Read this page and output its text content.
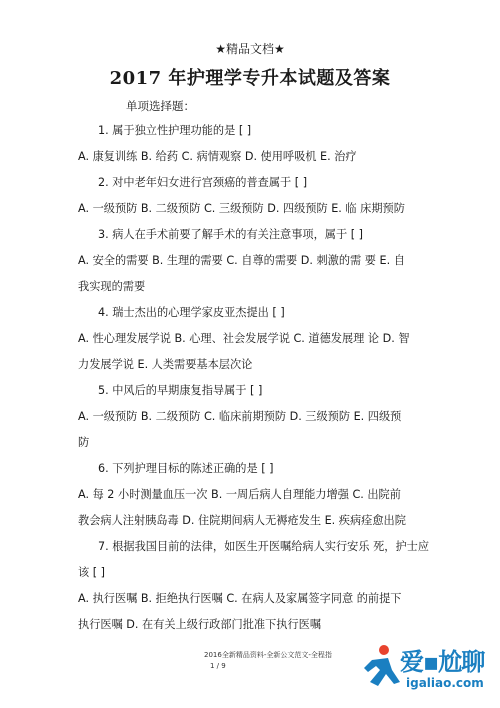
★精品文档★
2017 年护理学专升本试题及答案
单项选择题：
1. 属于独立性护理功能的是 [ ]
A. 康复训练 B. 给药 C. 病情观察 D. 使用呼吸机 E. 治疗
2. 对中老年妇女进行宫颈癌的普查属于 [ ]
A. 一级预防 B. 二级预防 C. 三级预防 D. 四级预防 E. 临 床期预防
3. 病人在手术前要了解手术的有关注意事项，属于 [ ]
A. 安全的需要 B. 生理的需要 C. 自尊的需要 D. 刺激的需 要 E. 自
我实现的需要
4. 瑞士杰出的心理学家皮亚杰提出 [ ]
A. 性心理发展学说 B. 心理、社会发展学说 C. 道德发展理 论 D. 智
力发展学说 E. 人类需要基本层次论
5. 中风后的早期康复指导属于 [ ]
A. 一级预防 B. 二级预防 C. 临床前期预防 D. 三级预防 E. 四级预
防
6. 下列护理目标的陈述正确的是 [ ]
A. 每 2 小时测量血压一次 B. 一周后病人自理能力增强 C. 出院前
教会病人注射胰岛毒 D. 住院期间病人无褥疮发生 E. 疾病痊愈出院
7. 根据我国目前的法律，如医生开医嘱给病人实行安乐 死，护士应
该 [ ]
A. 执行医嘱 B. 拒绝执行医嘱 C. 在病人及家属签字同意 的前提下
执行医嘱 D. 在有关上级行政部门批准下执行医嘱
2016全新精品资料-全新公文范文-全程指
1 / 9	爱▪尬聊
igaliao.com
